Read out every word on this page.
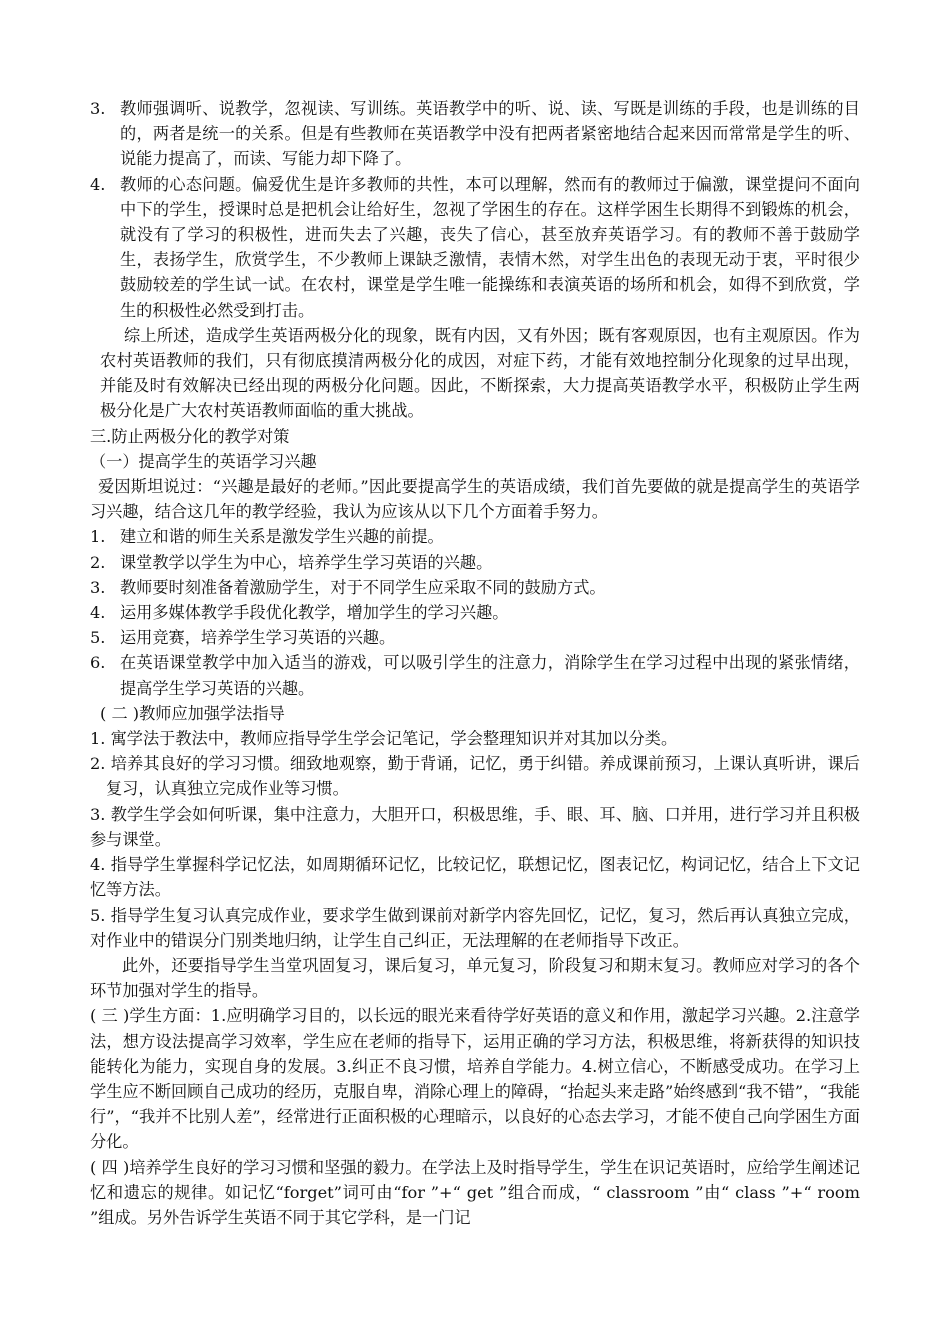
3. 教师强调听、说教学，忽视读、写训练。英语教学中的听、说、读、写既是训练的手段，也是训练的目的，两者是统一的关系。但是有些教师在英语教学中没有把两者紧密地结合起来因而常常是学生的听、说能力提高了，而读、写能力却下降了。
4. 教师的心态问题。偏爱优生是许多教师的共性，本可以理解，然而有的教师过于偏激，课堂提问不面向中下的学生，授课时总是把机会让给好生，忽视了学困生的存在。这样学困生长期得不到锻炼的机会，就没有了学习的积极性，进而失去了兴趣，丧失了信心，甚至放弃英语学习。有的教师不善于鼓励学生，表扬学生，欣赏学生，不少教师上课缺乏激情，表情木然，对学生出色的表现无动于衷，平时很少鼓励较差的学生试一试。在农村，课堂是学生唯一能操练和表演英语的场所和机会，如得不到欣赏，学生的积极性必然受到打击。

综上所述，造成学生英语两极分化的现象，既有内因，又有外因；既有客观原因，也有主观原因。作为农村英语教师的我们，只有彻底摸清两极分化的成因，对症下药，才能有效地控制分化现象的过早出现，并能及时有效解决已经出现的两极分化问题。因此，不断探索，大力提高英语教学水平，积极防止学生两极分化是广大农村英语教师面临的重大挑战。

三.防止两极分化的教学对策

（一）提高学生的英语学习兴趣

爱因斯坦说过：“兴趣是最好的老师。”因此要提高学生的英语成绩，我们首先要做的就是提高学生的英语学习兴趣，结合这几年的教学经验，我认为应该从以下几个方面着手努力。

1. 建立和谐的师生关系是激发学生兴趣的前提。
2. 课堂教学以学生为中心，培养学生学习英语的兴趣。
3. 教师要时刻准备着激励学生，对于不同学生应采取不同的鼓励方式。
4. 运用多媒体教学手段优化教学，增加学生的学习兴趣。
5. 运用竞赛，培养学生学习英语的兴趣。
6. 在英语课堂教学中加入适当的游戏，可以吸引学生的注意力，消除学生在学习过程中出现的紧张情绪，提高学生学习英语的兴趣。

( 二 )教师应加强学法指导

1. 寓学法于教法中，教师应指导学生学会记笔记，学会整理知识并对其加以分类。

2. 培养其良好的学习习惯。细致地观察，勤于背诵，记忆，勇于纠错。养成课前预习，上课认真听讲，课后复习，认真独立完成作业等习惯。

3. 教学生学会如何听课，集中注意力，大胆开口，积极思维，手、眼、耳、脑、口并用，进行学习并且积极参与课堂。

4. 指导学生掌握科学记忆法，如周期循环记忆，比较记忆，联想记忆，图表记忆，构词记忆，结合上下文记忆等方法。

5. 指导学生复习认真完成作业，要求学生做到课前对新学内容先回忆，记忆，复习，然后再认真独立完成，对作业中的错误分门别类地归纳，让学生自己纠正，无法理解的在老师指导下改正。

此外，还要指导学生当堂巩固复习，课后复习，单元复习，阶段复习和期末复习。教师应对学习的各个环节加强对学生的指导。

( 三 )学生方面：1.应明确学习目的，以长远的眼光来看待学好英语的意义和作用，激起学习兴趣。2.注意学法，想方设法提高学习效率，学生应在老师的指导下，运用正确的学习方法，积极思维，将新获得的知识技能转化为能力，实现自身的发展。3.纠正不良习惯，培养自学能力。4.树立信心，不断感受成功。在学习上学生应不断回顾自己成功的经历，克服自卑，消除心理上的障碍，“抬起头来走路”始终感到“我不错”，“我能行”，“我并不比别人差”，经常进行正面积极的心理暗示，以良好的心态去学习，才能不使自己向学困生方面分化。

( 四 )培养学生良好的学习习惯和坚强的毅力。在学法上及时指导学生，学生在识记英语时，应给学生阐述记忆和遗忘的规律。如记忆“forget”词可由“for ”+“ get ”组合而成，“ classroom ”由“ class ”+“ room ”组成。另外告诉学生英语不同于其它学科，是一门记
